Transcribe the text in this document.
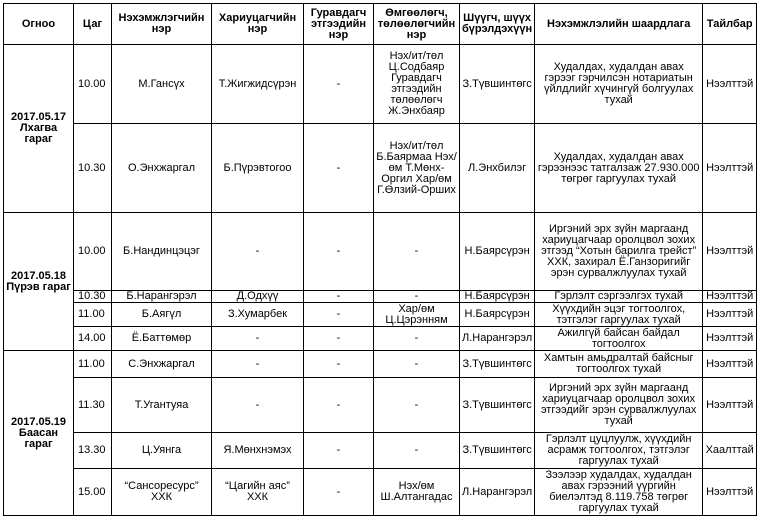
Огноо	Цаг	Нэхэмжлэгчийн нэр	Хариуцагчийн нэр	Гуравдагч этгээдийн нэр	Өмгөөлөгч, төлөөлөгчийн нэр	Шүүгч, шүүх бүрэлдэхүүн	Нэхэмжлэлийн шаардлага	Тайлбар
2017.05.17 Лхагва гараг	10.00	М.Гансүх	Т.Жигжидсүрэн	-	Нэх/ит/төл Ц.Содбаяр Гуравдагч этгээдийн төлөөлөгч Ж.Энхбаяр	З.Түвшинтөгс	Худалдах, худалдан авах гэрээг гэрчилсэн нотариатын үйлдлийг хүчингүй болгуулах тухай	Нээлттэй
	10.30	О.Энхжаргал	Б.Пүрэвтогоо	-	Нэх/ит/төл Б.Баярмаа Нэх/өм Т.Мөнх-Оргил Хар/өм Г.Өлзий-Орших	Л.Энхбилэг	Худалдах, худалдан авах гэрээнээс татгалзаж 27.930.000 төгрөг гаргуулах тухай	Нээлттэй
2017.05.18 Пүрэв гараг	10.00	Б.Нандинцэцэг	-	-	-	Н.Баярсүрэн	Иргэний эрх зүйн маргаанд хариуцагчаар оролцвол зохих этгээд “Хотын барилга трейст” ХХК, захирал Ё.Ганзоригийг эрэн сурвалжлуулах тухай	Нээлттэй
	10.30	Б.Нарангэрэл	Д.Одхүү	-	-	Н.Баярсүрэн	Гэрлэлт сэргээлгэх тухай	Нээлттэй
	11.00	Б.Аягүл	З.Хумарбек	-	Хар/өм Ц.Цэрэнням	Н.Баярсүрэн	Хүүхдийн эцэг тогтоолгох, тэтгэлэг гаргуулах тухай	Нээлттэй
	14.00	Ё.Баттөмөр	-	-	-	Л.Нарангэрэл	Ажилгүй байсан байдал тогтоолгох	Нээлттэй
2017.05.19 Баасан гараг	11.00	С.Энхжаргал	-	-	-	З.Түвшинтөгс	Хамтын амьдралтай байсныг тогтоолгох тухай	Нээлттэй
	11.30	Т.Угантуяа	-	-	-	З.Түвшинтөгс	Иргэний эрх зүйн маргаанд хариуцагчаар оролцвол зохих этгээдийг эрэн сурвалжлуулах тухай	Нээлттэй
	13.30	Ц.Уянга	Я.Мөнхнэмэх	-	-	З.Түвшинтөгс	Гэрлэлт цуцлуулж, хүүхдийн асрамж тогтоолгох, тэтгэлэг гаргуулах тухай	Хаалттай
	15.00	“Сансоресурс” ХХК	“Цагийн аяс” ХХК	-	Нэх/өм Ш.Алтангадас	Л.Нарангэрэл	Зээлээр худалдах, худалдан авах гэрээний үүргийн биелэлтэд 8.119.758 төгрөг гаргуулах тухай	Нээлттэй
